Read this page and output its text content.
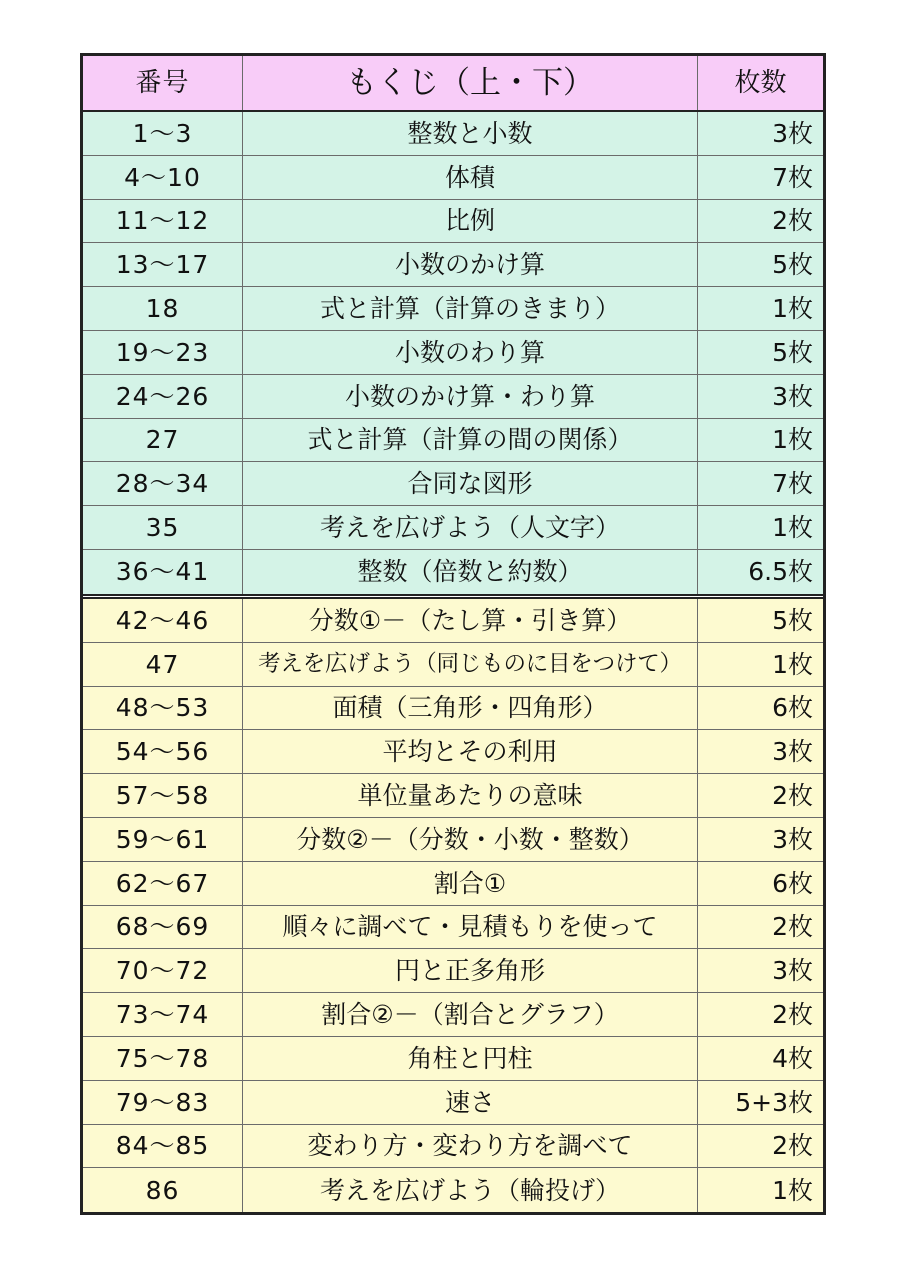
番号	もくじ（上・下）	枚数
1～3	整数と小数	3枚
4～10	体積	7枚
11～12	比例	2枚
13～17	小数のかけ算	5枚
18	式と計算（計算のきまり）	1枚
19～23	小数のわり算	5枚
24～26	小数のかけ算・わり算	3枚
27	式と計算（計算の間の関係）	1枚
28～34	合同な図形	7枚
35	考えを広げよう（人文字）	1枚
36～41	整数（倍数と約数）	6.5枚
42～46	分数①－（たし算・引き算）	5枚
47	考えを広げよう（同じものに目をつけて）	1枚
48～53	面積（三角形・四角形）	6枚
54～56	平均とその利用	3枚
57～58	単位量あたりの意味	2枚
59～61	分数②－（分数・小数・整数）	3枚
62～67	割合①	6枚
68～69	順々に調べて・見積もりを使って	2枚
70～72	円と正多角形	3枚
73～74	割合②－（割合とグラフ）	2枚
75～78	角柱と円柱	4枚
79～83	速さ	5+3枚
84～85	変わり方・変わり方を調べて	2枚
86	考えを広げよう（輪投げ）	1枚
